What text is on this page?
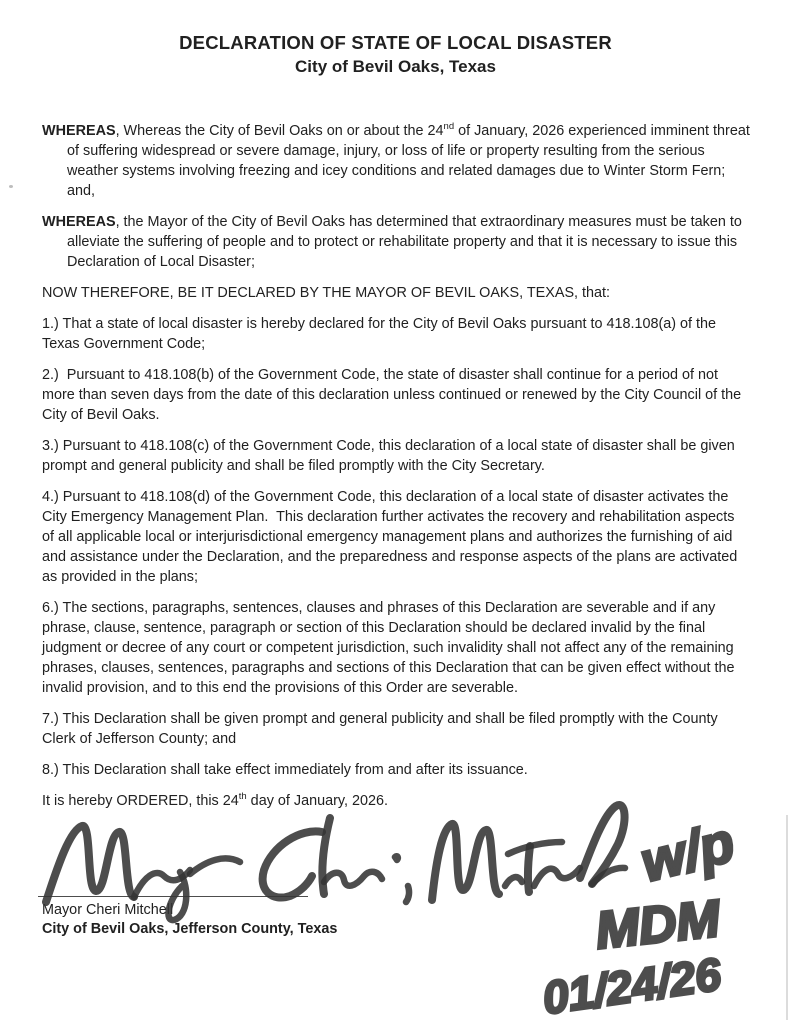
DECLARATION OF STATE OF LOCAL DISASTER
City of Bevil Oaks, Texas

WHEREAS, Whereas the City of Bevil Oaks on or about the 24nd of January, 2026 experienced imminent threat of suffering widespread or severe damage, injury, or loss of life or property resulting from the serious weather systems involving freezing and icey conditions and related damages due to Winter Storm Fern; and,

WHEREAS, the Mayor of the City of Bevil Oaks has determined that extraordinary measures must be taken to alleviate the suffering of people and to protect or rehabilitate property and that it is necessary to issue this Declaration of Local Disaster;

NOW THEREFORE, BE IT DECLARED BY THE MAYOR OF BEVIL OAKS, TEXAS, that:

1.) That a state of local disaster is hereby declared for the City of Bevil Oaks pursuant to 418.108(a) of the Texas Government Code;

2.)  Pursuant to 418.108(b) of the Government Code, the state of disaster shall continue for a period of not more than seven days from the date of this declaration unless continued or renewed by the City Council of the City of Bevil Oaks.

3.) Pursuant to 418.108(c) of the Government Code, this declaration of a local state of disaster shall be given prompt and general publicity and shall be filed promptly with the City Secretary.

4.) Pursuant to 418.108(d) of the Government Code, this declaration of a local state of disaster activates the City Emergency Management Plan.  This declaration further activates the recovery and rehabilitation aspects of all applicable local or interjurisdictional emergency management plans and authorizes the furnishing of aid and assistance under the Declaration, and the preparedness and response aspects of the plans are activated as provided in the plans;

6.) The sections, paragraphs, sentences, clauses and phrases of this Declaration are severable and if any phrase, clause, sentence, paragraph or section of this Declaration should be declared invalid by the final judgment or decree of any court or competent jurisdiction, such invalidity shall not affect any of the remaining phrases, clauses, sentences, paragraphs and sections of this Declaration that can be given effect without the invalid provision, and to this end the provisions of this Order are severable.

7.) This Declaration shall be given prompt and general publicity and shall be filed promptly with the County Clerk of Jefferson County; and

8.) This Declaration shall take effect immediately from and after its issuance.

It is hereby ORDERED, this 24th day of January, 2026.

Mayor Cheri Mitchell

City of Bevil Oaks, Jefferson County, Texas

w/p
MDM
01/24/26
